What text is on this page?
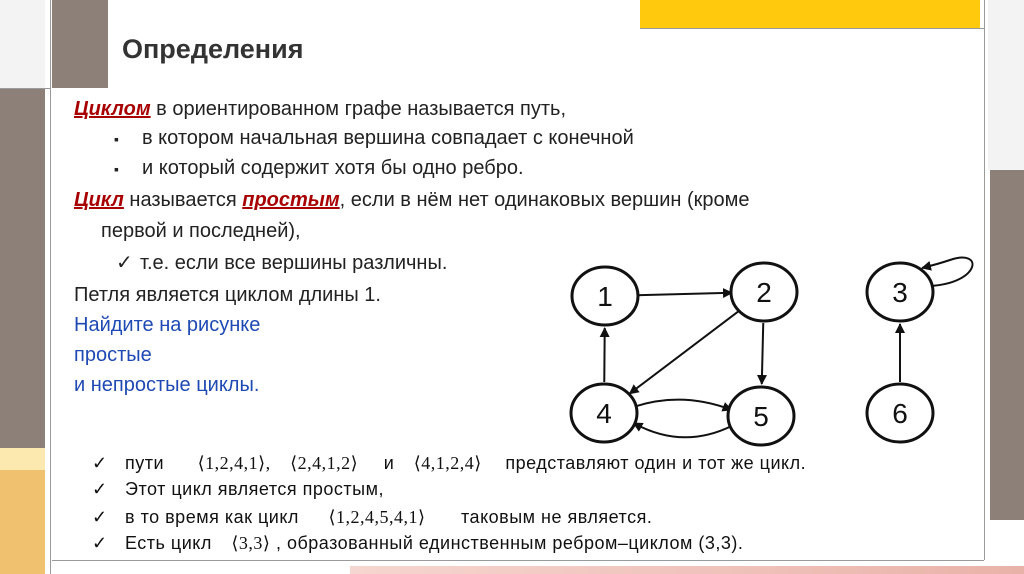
Определения
Циклом в ориентированном графе называется путь,
▪ в котором начальная вершина совпадает с конечной
▪ и который содержит хотя бы одно ребро.
Цикл называется простым, если в нём нет одинаковых вершин (кроме
первой и последней),
✓ т.е. если все вершины различны.
Петля является циклом длины 1.
Найдите на рисунке
простые
и непростые циклы.
1	2	3
4	5	6
✓ пути ⟨1,2,4,1⟩, ⟨2,4,1,2⟩ и ⟨4,1,2,4⟩ представляют один и тот же цикл.
✓ Этот цикл является простым,
✓ в то время как цикл ⟨1,2,4,5,4,1⟩ таковым не является.
✓ Есть цикл ⟨3,3⟩ , образованный единственным ребром–циклом (3,3).
